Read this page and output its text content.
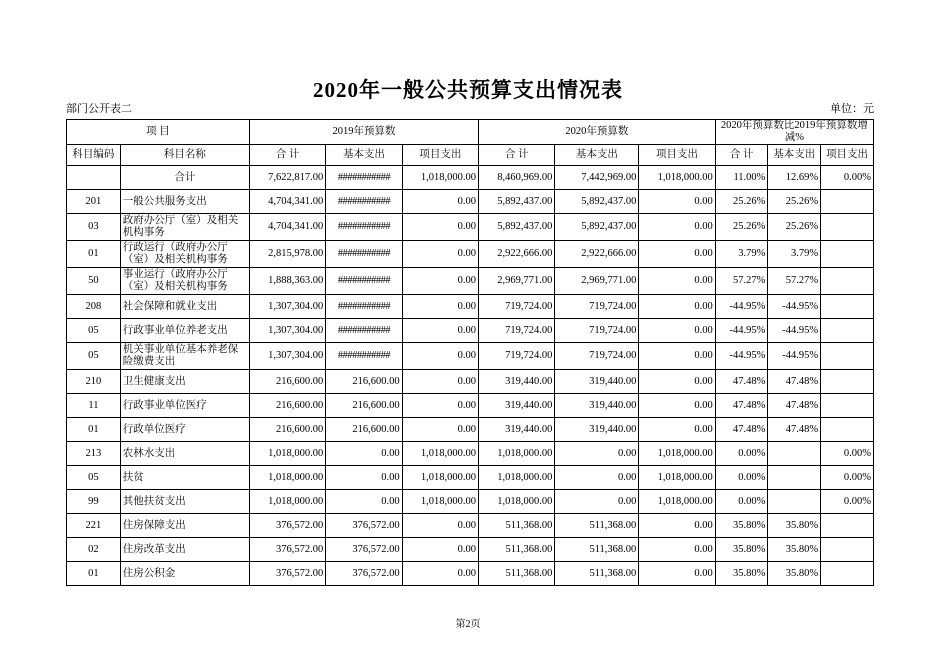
2020年一般公共预算支出情况表
部门公开表二	单位：元
项 目		2019年预算数			2020年预算数			2020年预算数比2019年预算数增减%		
科目编码	科目名称	合 计	基本支出	项目支出	合 计	基本支出	项目支出	合 计	基本支出	项目支出
	合计	7,622,817.00	###########	1,018,000.00	8,460,969.00	7,442,969.00	1,018,000.00	11.00%	12.69%	0.00%
201	一般公共服务支出	4,704,341.00	###########	0.00	5,892,437.00	5,892,437.00	0.00	25.26%	25.26%	
03	政府办公厅（室）及相关机构事务	4,704,341.00	###########	0.00	5,892,437.00	5,892,437.00	0.00	25.26%	25.26%	
01	行政运行（政府办公厅（室）及相关机构事务	2,815,978.00	###########	0.00	2,922,666.00	2,922,666.00	0.00	3.79%	3.79%	
50	事业运行（政府办公厅（室）及相关机构事务	1,888,363.00	###########	0.00	2,969,771.00	2,969,771.00	0.00	57.27%	57.27%	
208	社会保障和就业支出	1,307,304.00	###########	0.00	719,724.00	719,724.00	0.00	-44.95%	-44.95%	
05	行政事业单位养老支出	1,307,304.00	###########	0.00	719,724.00	719,724.00	0.00	-44.95%	-44.95%	
05	机关事业单位基本养老保险缴费支出	1,307,304.00	###########	0.00	719,724.00	719,724.00	0.00	-44.95%	-44.95%	
210	卫生健康支出	216,600.00	216,600.00	0.00	319,440.00	319,440.00	0.00	47.48%	47.48%	
11	行政事业单位医疗	216,600.00	216,600.00	0.00	319,440.00	319,440.00	0.00	47.48%	47.48%	
01	行政单位医疗	216,600.00	216,600.00	0.00	319,440.00	319,440.00	0.00	47.48%	47.48%	
213	农林水支出	1,018,000.00	0.00	1,018,000.00	1,018,000.00	0.00	1,018,000.00	0.00%		0.00%
05	扶贫	1,018,000.00	0.00	1,018,000.00	1,018,000.00	0.00	1,018,000.00	0.00%		0.00%
99	其他扶贫支出	1,018,000.00	0.00	1,018,000.00	1,018,000.00	0.00	1,018,000.00	0.00%		0.00%
221	住房保障支出	376,572.00	376,572.00	0.00	511,368.00	511,368.00	0.00	35.80%	35.80%	
02	住房改革支出	376,572.00	376,572.00	0.00	511,368.00	511,368.00	0.00	35.80%	35.80%	
01	住房公积金	376,572.00	376,572.00	0.00	511,368.00	511,368.00	0.00	35.80%	35.80%	
第2页
